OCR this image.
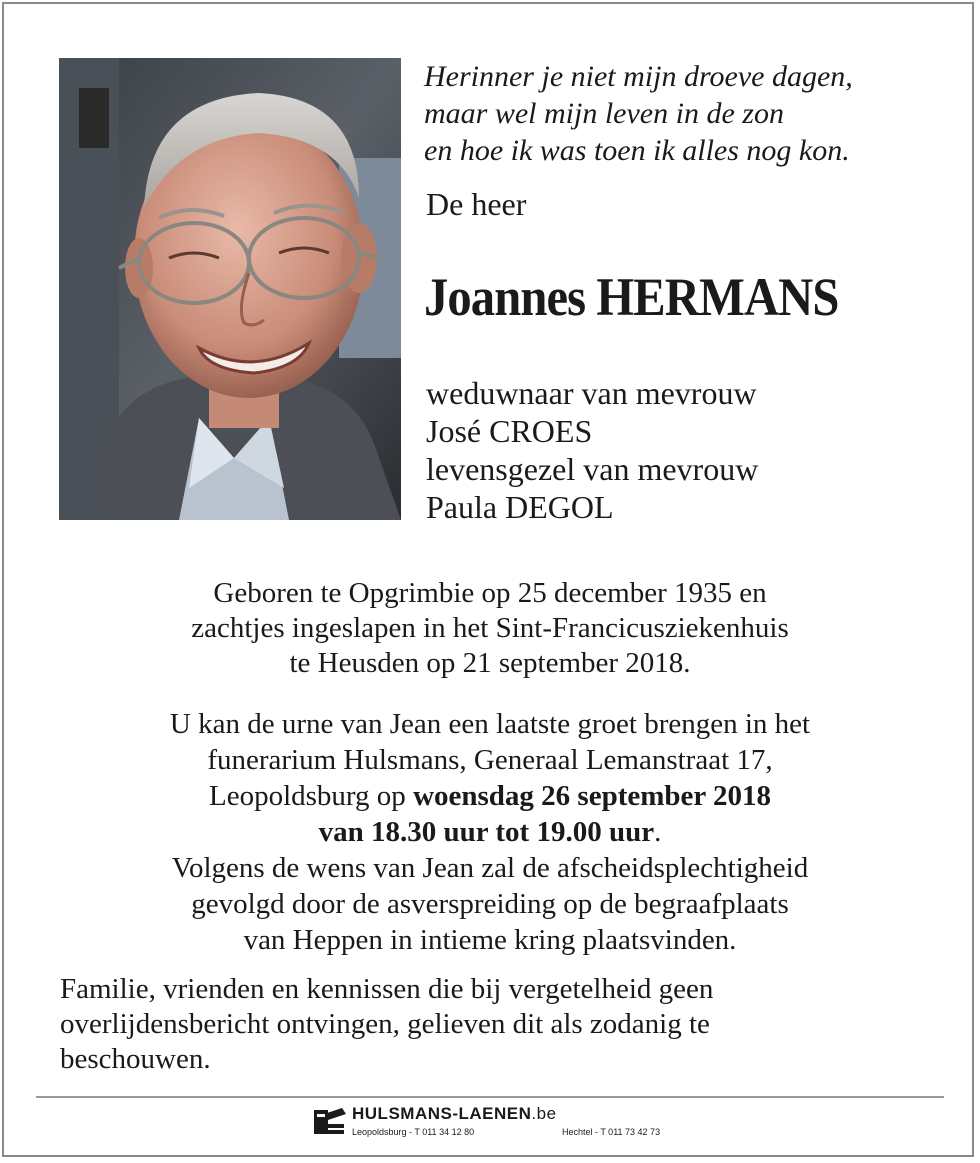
Herinner je niet mijn droeve dagen,
maar wel mijn leven in de zon
en hoe ik was toen ik alles nog kon.

De heer

Joannes HERMANS

weduwnaar van mevrouw
José CROES
levensgezel van mevrouw
Paula DEGOL

Geboren te Opgrimbie op 25 december 1935 en
zachtjes ingeslapen in het Sint-Francicusziekenhuis
te Heusden op 21 september 2018.

U kan de urne van Jean een laatste groet brengen in het
funerarium Hulsmans, Generaal Lemanstraat 17,
Leopoldsburg op woensdag 26 september 2018
van 18.30 uur tot 19.00 uur.
Volgens de wens van Jean zal de afscheidsplechtigheid
gevolgd door de asverspreiding op de begraafplaats
van Heppen in intieme kring plaatsvinden.

Familie, vrienden en kennissen die bij vergetelheid geen
overlijdensbericht ontvingen, gelieven dit als zodanig te
beschouwen.

HULSMANS-LAENEN.be
Leopoldsburg - T 011 34 12 80	Hechtel - T 011 73 42 73
